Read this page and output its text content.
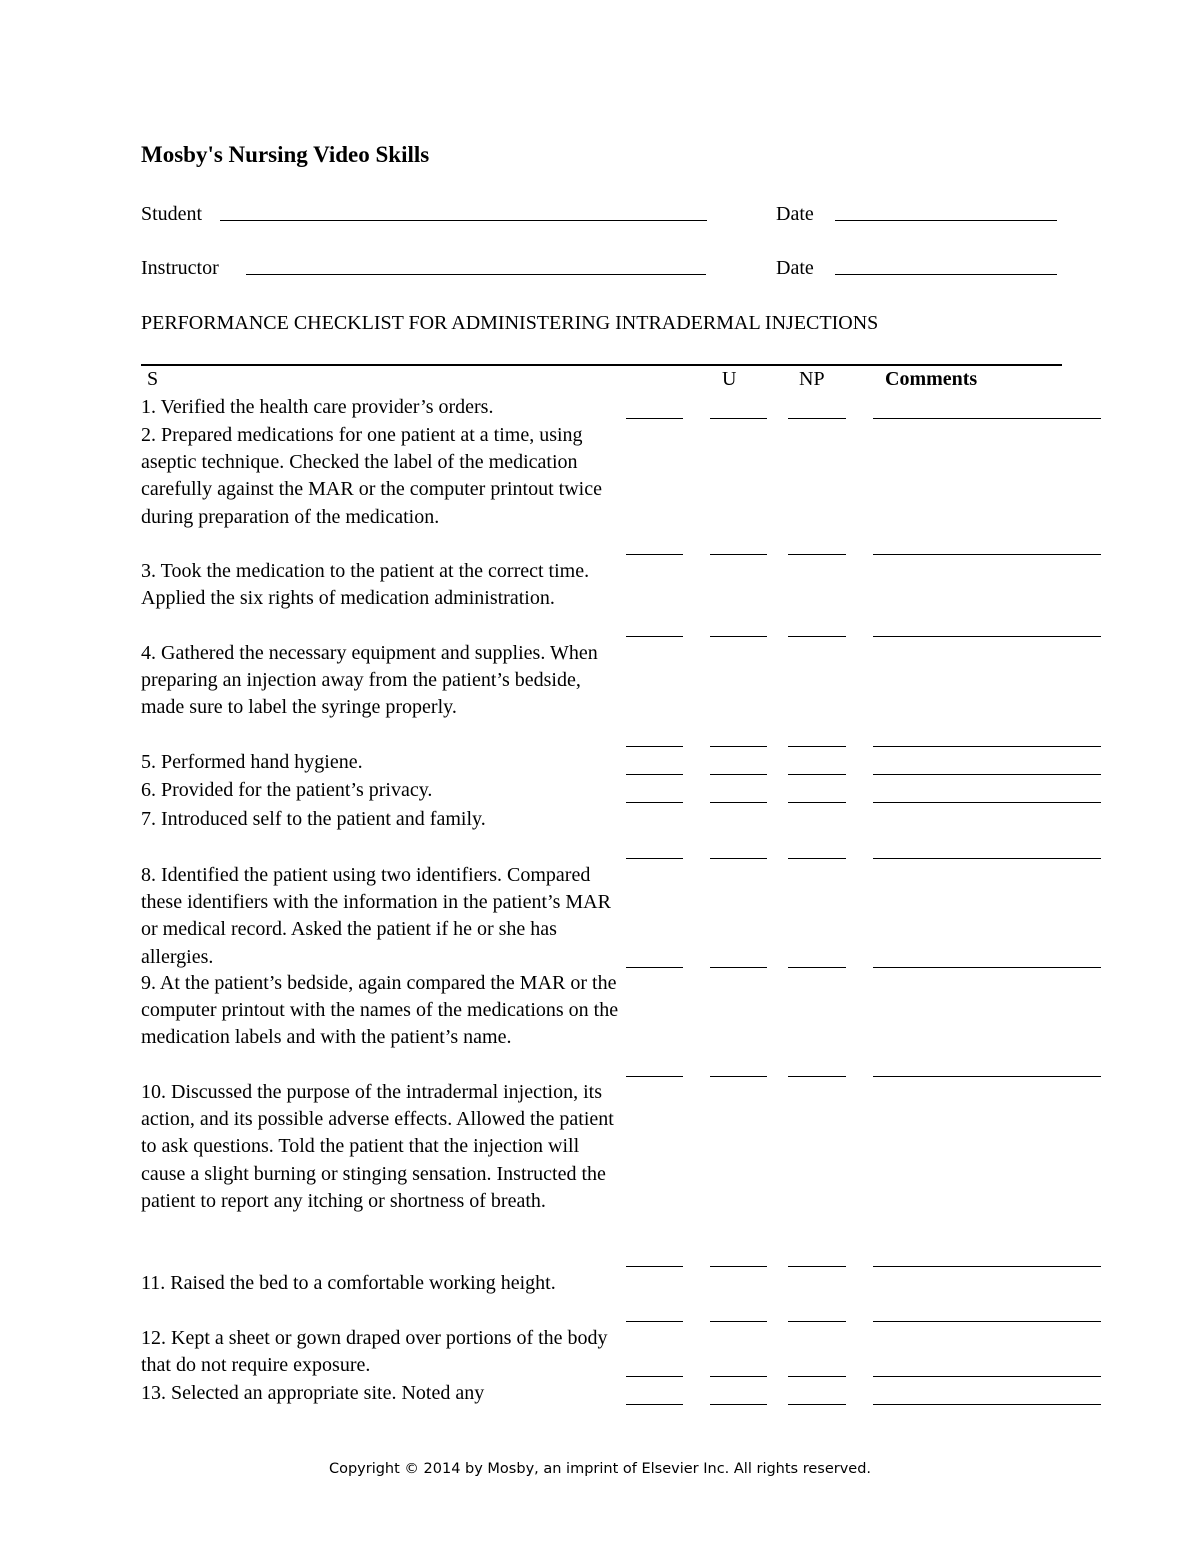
Mosby's Nursing Video Skills
Student	Date
Instructor	Date
PERFORMANCE CHECKLIST FOR ADMINISTERING INTRADERMAL INJECTIONS
S	U	NP	Comments
1. Verified the health care provider’s orders.
2. Prepared medications for one patient at a time, using aseptic technique. Checked the label of the medication carefully against the MAR or the computer printout twice during preparation of the medication.
3. Took the medication to the patient at the correct time. Applied the six rights of medication administration.
4. Gathered the necessary equipment and supplies. When preparing an injection away from the patient’s bedside, made sure to label the syringe properly.
5. Performed hand hygiene.
6. Provided for the patient’s privacy.
7. Introduced self to the patient and family.
8. Identified the patient using two identifiers. Compared these identifiers with the information in the patient’s MAR or medical record. Asked the patient if he or she has allergies.
9. At the patient’s bedside, again compared the MAR or the computer printout with the names of the medications on the medication labels and with the patient’s name.
10. Discussed the purpose of the intradermal injection, its action, and its possible adverse effects. Allowed the patient to ask questions. Told the patient that the injection will cause a slight burning or stinging sensation. Instructed the patient to report any itching or shortness of breath.
11. Raised the bed to a comfortable working height.
12. Kept a sheet or gown draped over portions of the body that do not require exposure.
13. Selected an appropriate site. Noted any
Copyright © 2014 by Mosby, an imprint of Elsevier Inc. All rights reserved.
